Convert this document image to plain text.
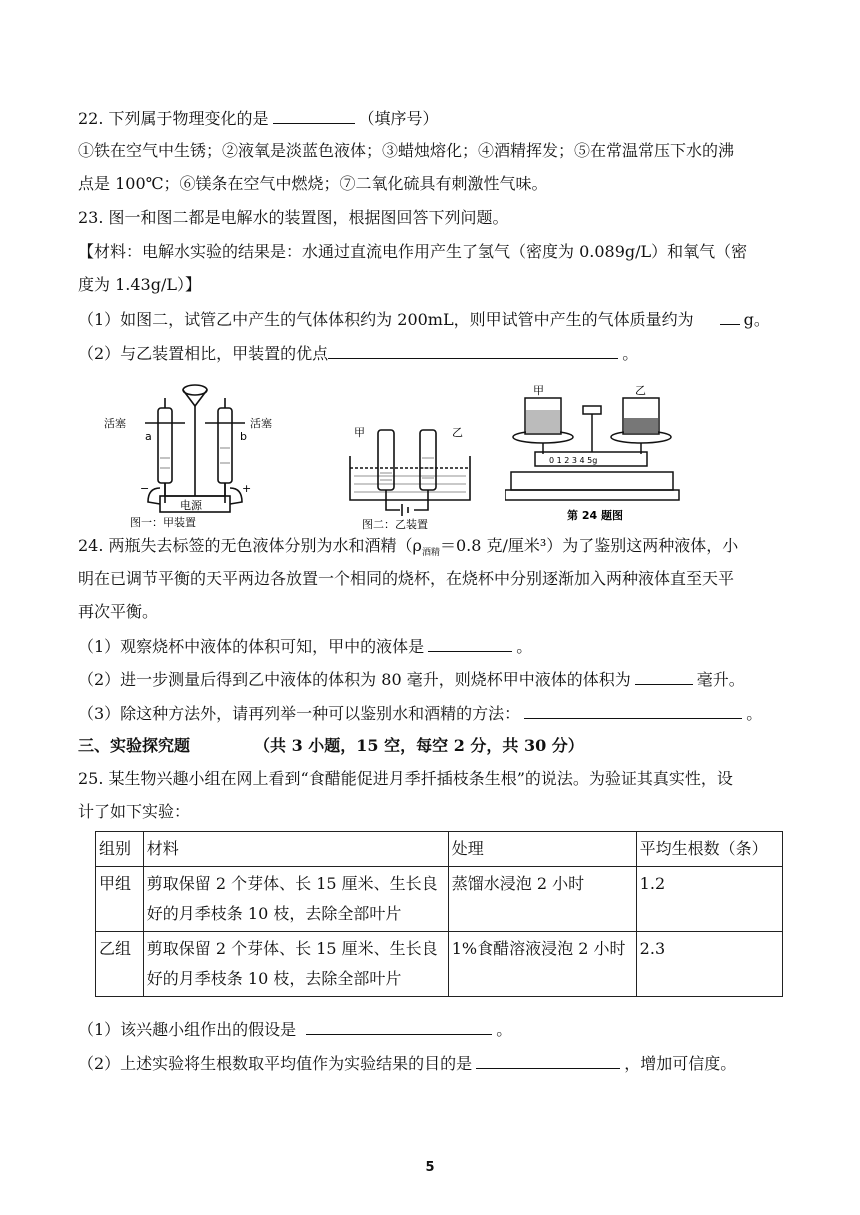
22. 下列属于物理变化的是	（填序号）
①铁在空气中生锈；②液氧是淡蓝色液体；③蜡烛熔化；④酒精挥发；⑤在常温常压下水的沸
点是 100℃；⑥镁条在空气中燃烧；⑦二氧化硫具有刺激性气味。
23. 图一和图二都是电解水的装置图，根据图回答下列问题。
【材料：电解水实验的结果是：水通过直流电作用产生了氢气（密度为 0.089g/L）和氧气（密
度为 1.43g/L）】
（1）如图二，试管乙中产生的气体体积约为 200mL，则甲试管中产生的气体质量约为	g。
（2）与乙装置相比，甲装置的优点	。
活塞	活塞
a	b
−	+
电源
图一：甲装置
甲	乙
图二：乙装置
甲	乙
0 1 2 3 4 5g
第 24 题图
24. 两瓶失去标签的无色液体分别为水和酒精（$\rho_{酒精}=0.8$ 克/厘米³）为了鉴别这两种液体，小
明在已调节平衡的天平两边各放置一个相同的烧杯，在烧杯中分别逐渐加入两种液体直至天平
再次平衡。
（1）观察烧杯中液体的体积可知，甲中的液体是	。
（2）进一步测量后得到乙中液体的体积为 80 毫升，则烧杯甲中液体的体积为	毫升。
（3）除这种方法外，请再列举一种可以鉴别水和酒精的方法：	。
三、实验探究题	（共 3 小题，15 空，每空 2 分，共 30 分）
25. 某生物兴趣小组在网上看到“食醋能促进月季扦插枝条生根”的说法。为验证其真实性，设
计了如下实验：
组别	材料	处理	平均生根数（条）
甲组	剪取保留 2 个芽体、长 15 厘米、生长良
好的月季枝条 10 枝，去除全部叶片	蒸馏水浸泡 2 小时	1.2
乙组	剪取保留 2 个芽体、长 15 厘米、生长良
好的月季枝条 10 枝，去除全部叶片	1%食醋溶液浸泡 2 小时	2.3
（1）该兴趣小组作出的假设是	。
（2）上述实验将生根数取平均值作为实验结果的目的是	，增加可信度。
5
